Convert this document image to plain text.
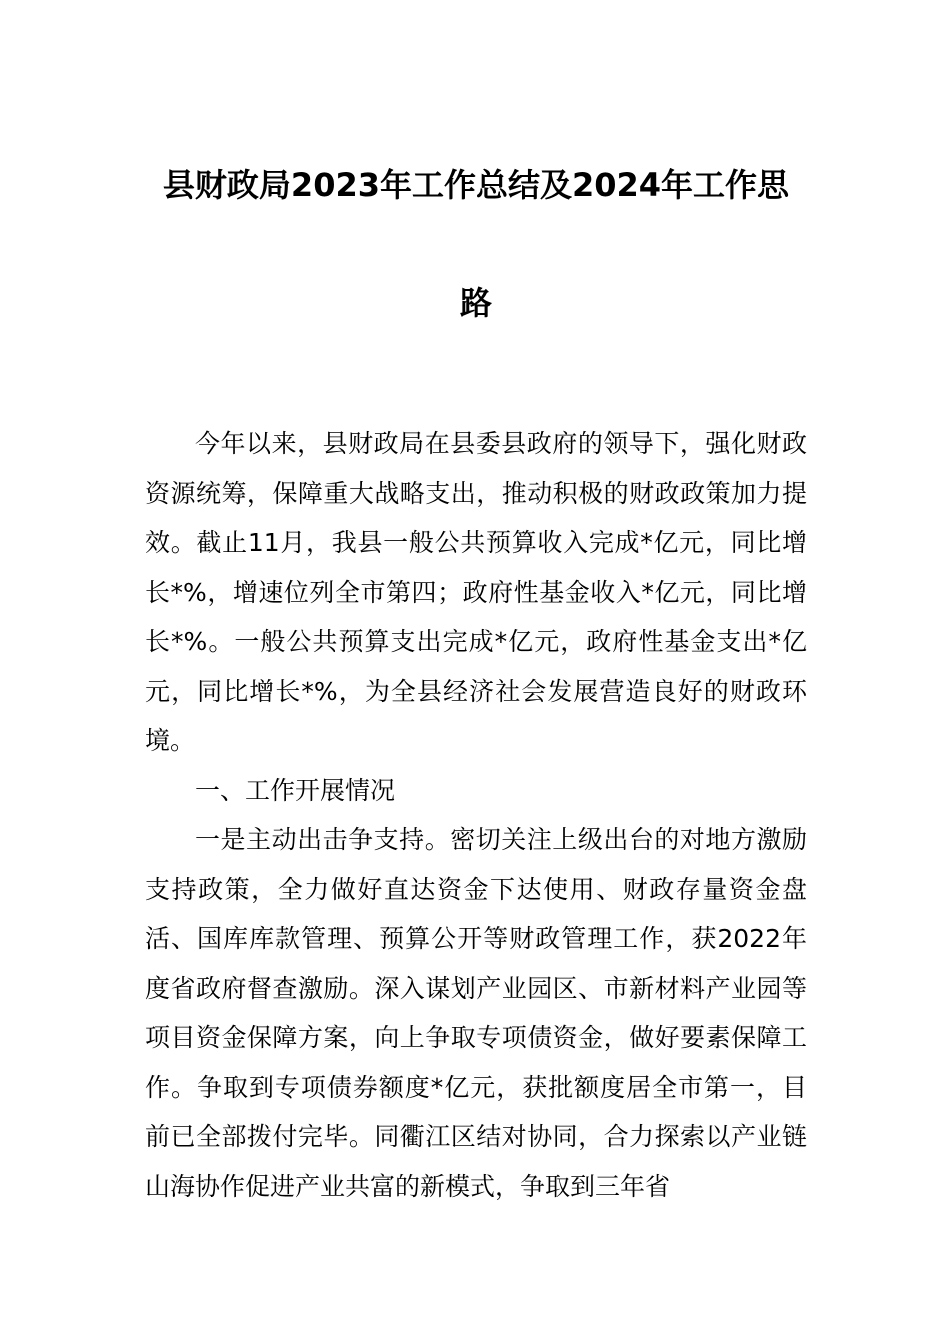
县财政局2023年工作总结及2024年工作思
路

今年以来，县财政局在县委县政府的领导下，强化财政资源统筹，保障重大战略支出，推动积极的财政政策加力提效。截止11月，我县一般公共预算收入完成*亿元，同比增长*%，增速位列全市第四；政府性基金收入*亿元，同比增长*%。一般公共预算支出完成*亿元，政府性基金支出*亿元，同比增长*%，为全县经济社会发展营造良好的财政环境。

一、工作开展情况

一是主动出击争支持。密切关注上级出台的对地方激励支持政策，全力做好直达资金下达使用、财政存量资金盘活、国库库款管理、预算公开等财政管理工作，获2022年度省政府督查激励。深入谋划产业园区、市新材料产业园等项目资金保障方案，向上争取专项债资金，做好要素保障工作。争取到专项债券额度*亿元，获批额度居全市第一，目前已全部拨付完毕。同衢江区结对协同，合力探索以产业链山海协作促进产业共富的新模式，争取到三年省
